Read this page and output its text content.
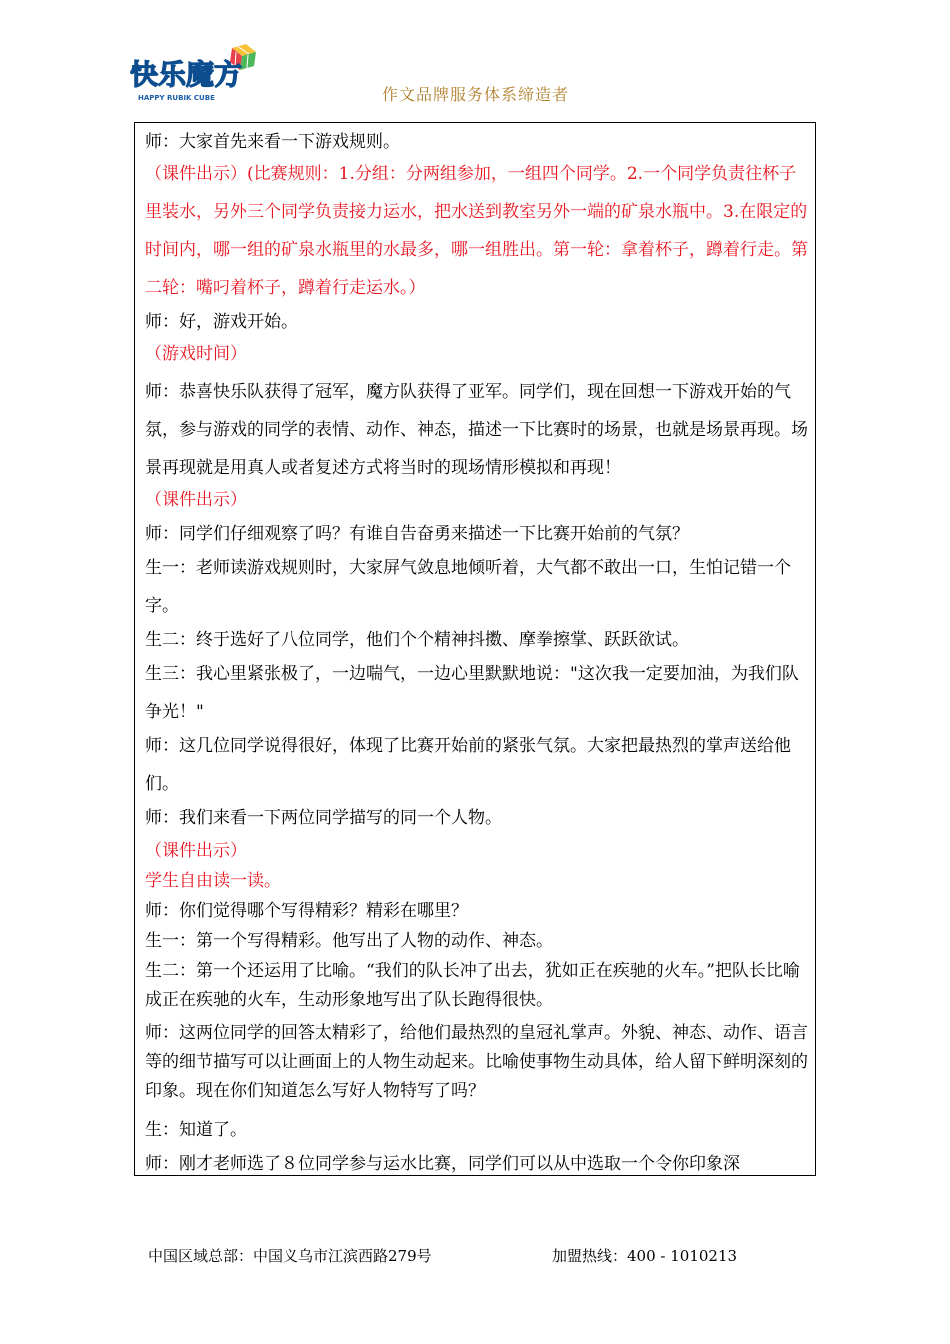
快乐魔方
HAPPY RUBIK CUBE	作文品牌服务体系缔造者

师：大家首先来看一下游戏规则。

（课件出示）(比赛规则：1.分组：分两组参加，一组四个同学。2.一个同学负责往杯子里装水，另外三个同学负责接力运水，把水送到教室另外一端的矿泉水瓶中。3.在限定的时间内，哪一组的矿泉水瓶里的水最多，哪一组胜出。第一轮：拿着杯子，蹲着行走。第二轮：嘴叼着杯子，蹲着行走运水。）

师：好，游戏开始。

（游戏时间）

师：恭喜快乐队获得了冠军，魔方队获得了亚军。同学们，现在回想一下游戏开始的气氛，参与游戏的同学的表情、动作、神态，描述一下比赛时的场景，也就是场景再现。场景再现就是用真人或者复述方式将当时的现场情形模拟和再现！

（课件出示）

师：同学们仔细观察了吗？有谁自告奋勇来描述一下比赛开始前的气氛？

生一：老师读游戏规则时，大家屏气敛息地倾听着，大气都不敢出一口，生怕记错一个字。

生二：终于选好了八位同学，他们个个精神抖擞、摩拳擦掌、跃跃欲试。

生三：我心里紧张极了，一边喘气，一边心里默默地说："这次我一定要加油，为我们队争光！"

师：这几位同学说得很好，体现了比赛开始前的紧张气氛。大家把最热烈的掌声送给他们。

师：我们来看一下两位同学描写的同一个人物。

（课件出示）

学生自由读一读。

师：你们觉得哪个写得精彩？精彩在哪里？

生一：第一个写得精彩。他写出了人物的动作、神态。

生二：第一个还运用了比喻。“我们的队长冲了出去，犹如正在疾驰的火车。”把队长比喻成正在疾驰的火车，生动形象地写出了队长跑得很快。

师：这两位同学的回答太精彩了，给他们最热烈的皇冠礼掌声。外貌、神态、动作、语言等的细节描写可以让画面上的人物生动起来。比喻使事物生动具体，给人留下鲜明深刻的印象。现在你们知道怎么写好人物特写了吗？

生：知道了。

师：刚才老师选了８位同学参与运水比赛，同学们可以从中选取一个令你印象深

中国区域总部：中国义乌市江滨西路279号	加盟热线：400 - 1010213
